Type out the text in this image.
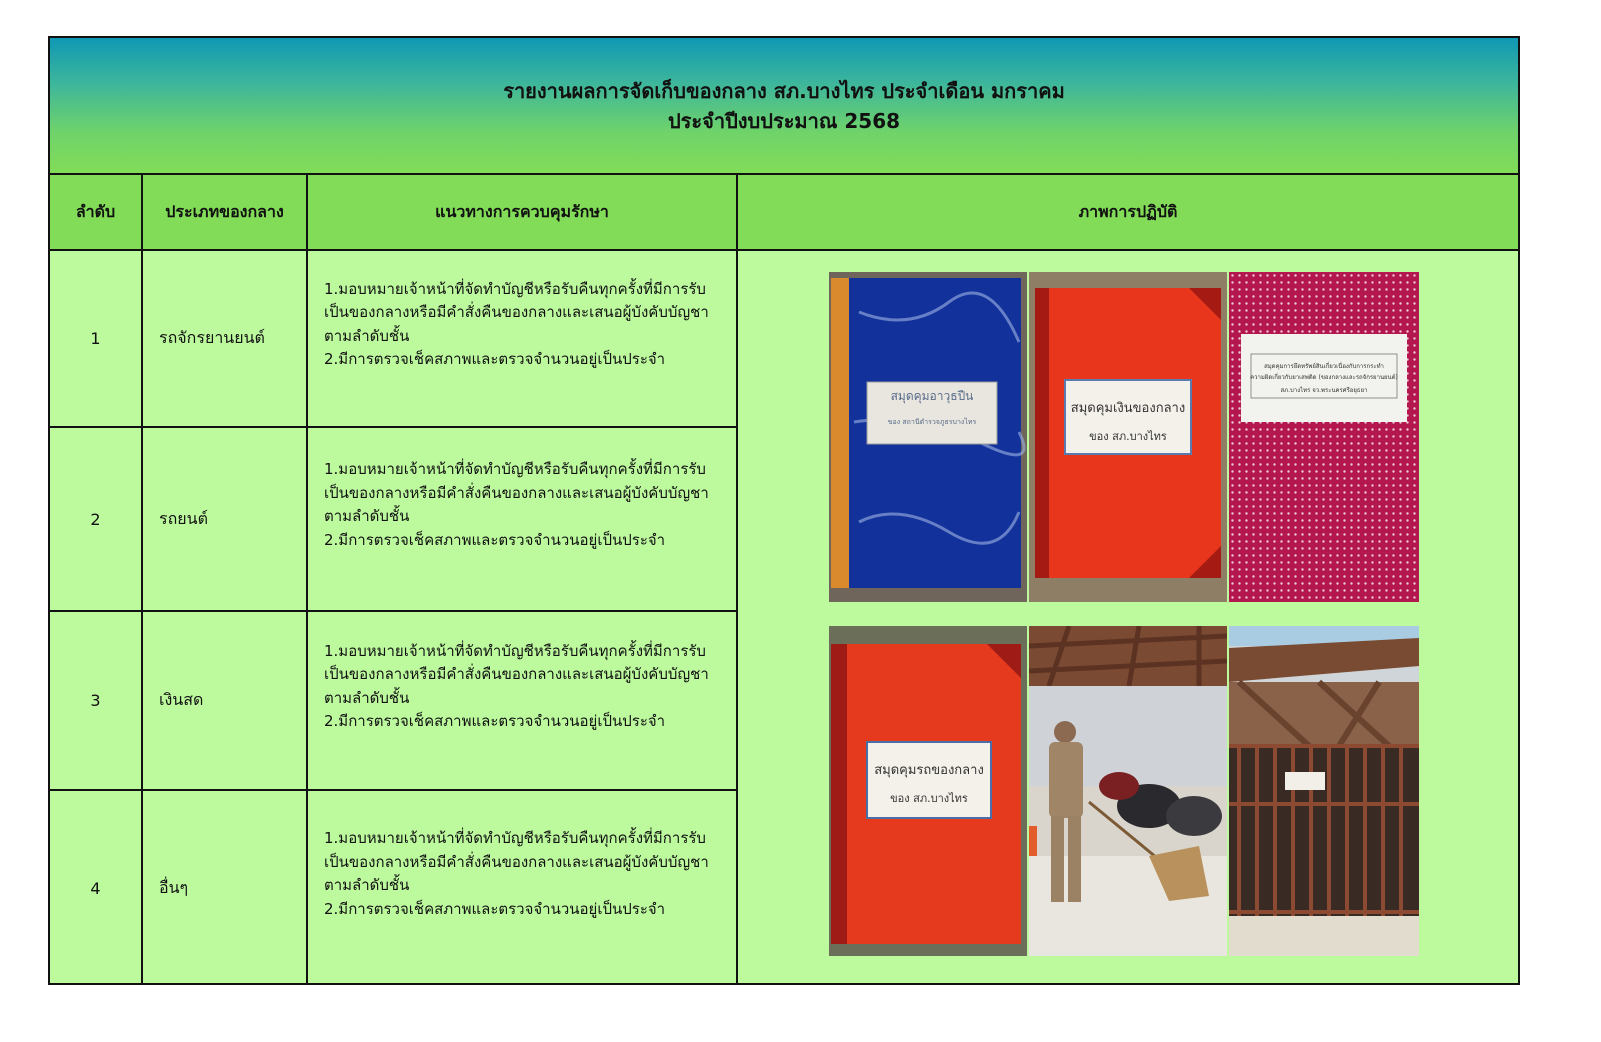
รายงานผลการจัดเก็บของกลาง สภ.บางไทร ประจำเดือน มกราคม
ประจำปีงบประมาณ 2568
ลำดับ	ประเภทของกลาง	แนวทางการควบคุมรักษา	ภาพการปฏิบัติ
1	รถจักรยานยนต์
1.มอบหมายเจ้าหน้าที่จัดทำบัญชีหรือรับคืนทุกครั้งที่มีการรับเป็นของกลางหรือมีคำสั่งคืนของกลางและเสนอผู้บังคับบัญชาตามลำดับชั้น
2.มีการตรวจเช็คสภาพและตรวจจำนวนอยู่เป็นประจำ
2	รถยนต์
1.มอบหมายเจ้าหน้าที่จัดทำบัญชีหรือรับคืนทุกครั้งที่มีการรับเป็นของกลางหรือมีคำสั่งคืนของกลางและเสนอผู้บังคับบัญชาตามลำดับชั้น
2.มีการตรวจเช็คสภาพและตรวจจำนวนอยู่เป็นประจำ
3	เงินสด
1.มอบหมายเจ้าหน้าที่จัดทำบัญชีหรือรับคืนทุกครั้งที่มีการรับเป็นของกลางหรือมีคำสั่งคืนของกลางและเสนอผู้บังคับบัญชาตามลำดับชั้น
2.มีการตรวจเช็คสภาพและตรวจจำนวนอยู่เป็นประจำ
4	อื่นๆ
1.มอบหมายเจ้าหน้าที่จัดทำบัญชีหรือรับคืนทุกครั้งที่มีการรับเป็นของกลางหรือมีคำสั่งคืนของกลางและเสนอผู้บังคับบัญชาตามลำดับชั้น
2.มีการตรวจเช็คสภาพและตรวจจำนวนอยู่เป็นประจำ
สมุดคุมอาวุธปืน
ของ สถานีตำรวจภูธรบางไทร
สมุดคุมเงินของกลาง
ของ สภ.บางไทร
สมุดคุมการยึดทรัพย์สินเกี่ยวเนื่องกับการกระทำ
ความผิดเกี่ยวกับยาเสพติด (ของกลางและรถจักรยานยนต์)
สภ.บางไทร จว.พระนครศรีอยุธยา
สมุดคุมรถของกลาง
ของ สภ.บางไทร
